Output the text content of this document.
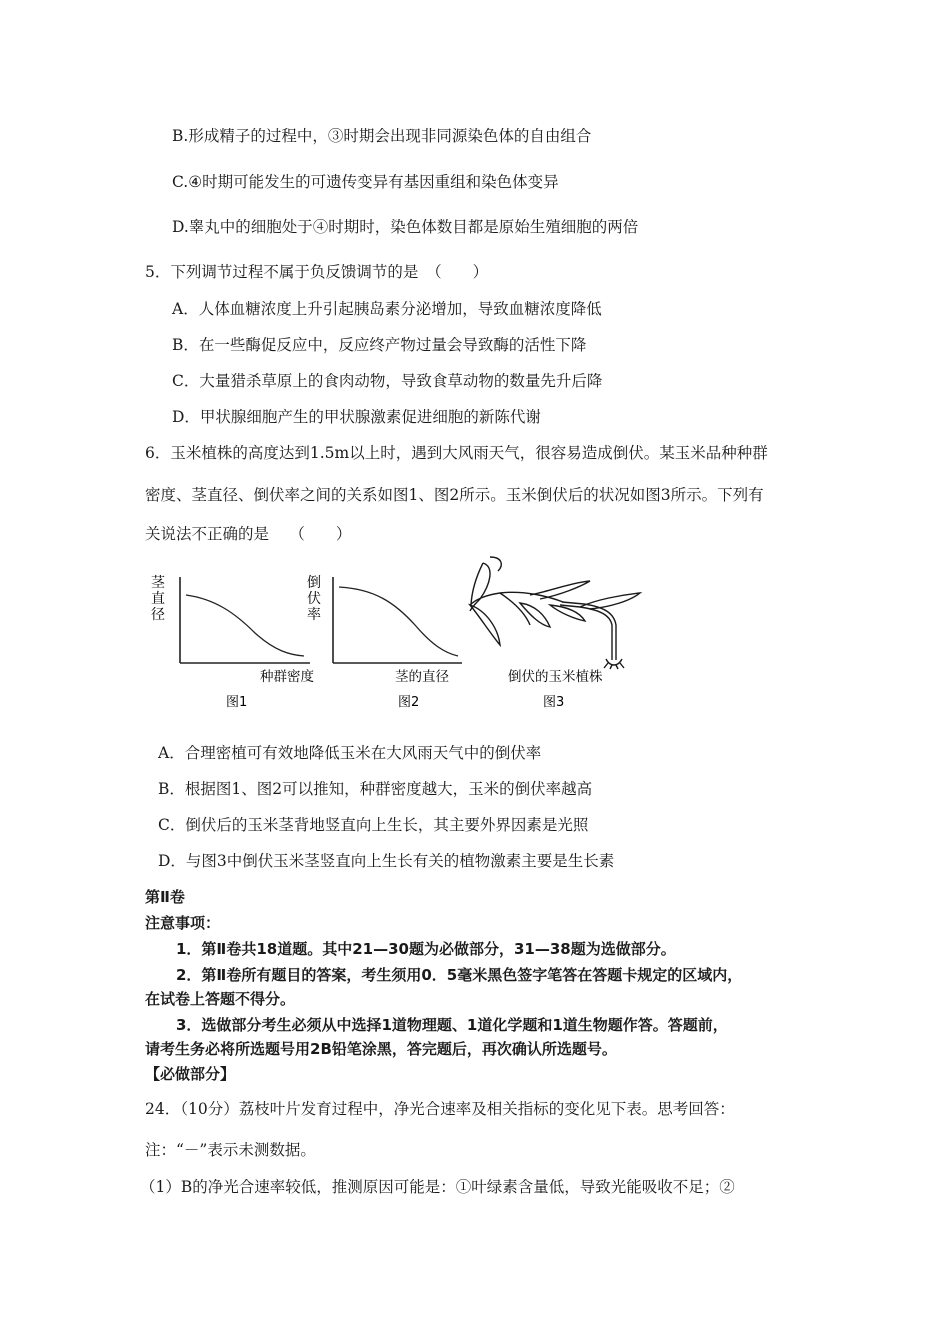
B.形成精子的过程中，③时期会出现非同源染色体的自由组合
C.④时期可能发生的可遗传变异有基因重组和染色体变异
D.睾丸中的细胞处于④时期时，染色体数目都是原始生殖细胞的两倍
5．下列调节过程不属于负反馈调节的是　（　　）
A．人体血糖浓度上升引起胰岛素分泌增加，导致血糖浓度降低
B．在一些酶促反应中，反应终产物过量会导致酶的活性下降
C．大量猎杀草原上的食肉动物，导致食草动物的数量先升后降
D．甲状腺细胞产生的甲状腺激素促进细胞的新陈代谢
6．玉米植株的高度达到1.5m以上时，遇到大风雨天气，很容易造成倒伏。某玉米品种种群
密度、茎直径、倒伏率之间的关系如图1、图2所示。玉米倒伏后的状况如图3所示。下列有
关说法不正确的是　 （　　）
茎
直
径
种群密度
图1
倒
伏
率
茎的直径
图2
倒伏的玉米植株
图3
A．合理密植可有效地降低玉米在大风雨天气中的倒伏率
B．根据图1、图2可以推知，种群密度越大，玉米的倒伏率越高
C．倒伏后的玉米茎背地竖直向上生长，其主要外界因素是光照
D．与图3中倒伏玉米茎竖直向上生长有关的植物激素主要是生长素
第Ⅱ卷
注意事项：
1．第Ⅱ卷共18道题。其中21—30题为必做部分，31—38题为选做部分。
2．第Ⅱ卷所有题目的答案，考生须用0．5毫米黑色签字笔答在答题卡规定的区域内，
在试卷上答题不得分。
3．选做部分考生必须从中选择1道物理题、1道化学题和1道生物题作答。答题前，
请考生务必将所选题号用2B铅笔涂黑，答完题后，再次确认所选题号。
【必做部分】
24．（10分）荔枝叶片发育过程中，净光合速率及相关指标的变化见下表。思考回答：
注：“－”表示未测数据。
（1）B的净光合速率较低，推测原因可能是：①叶绿素含量低，导致光能吸收不足；②
